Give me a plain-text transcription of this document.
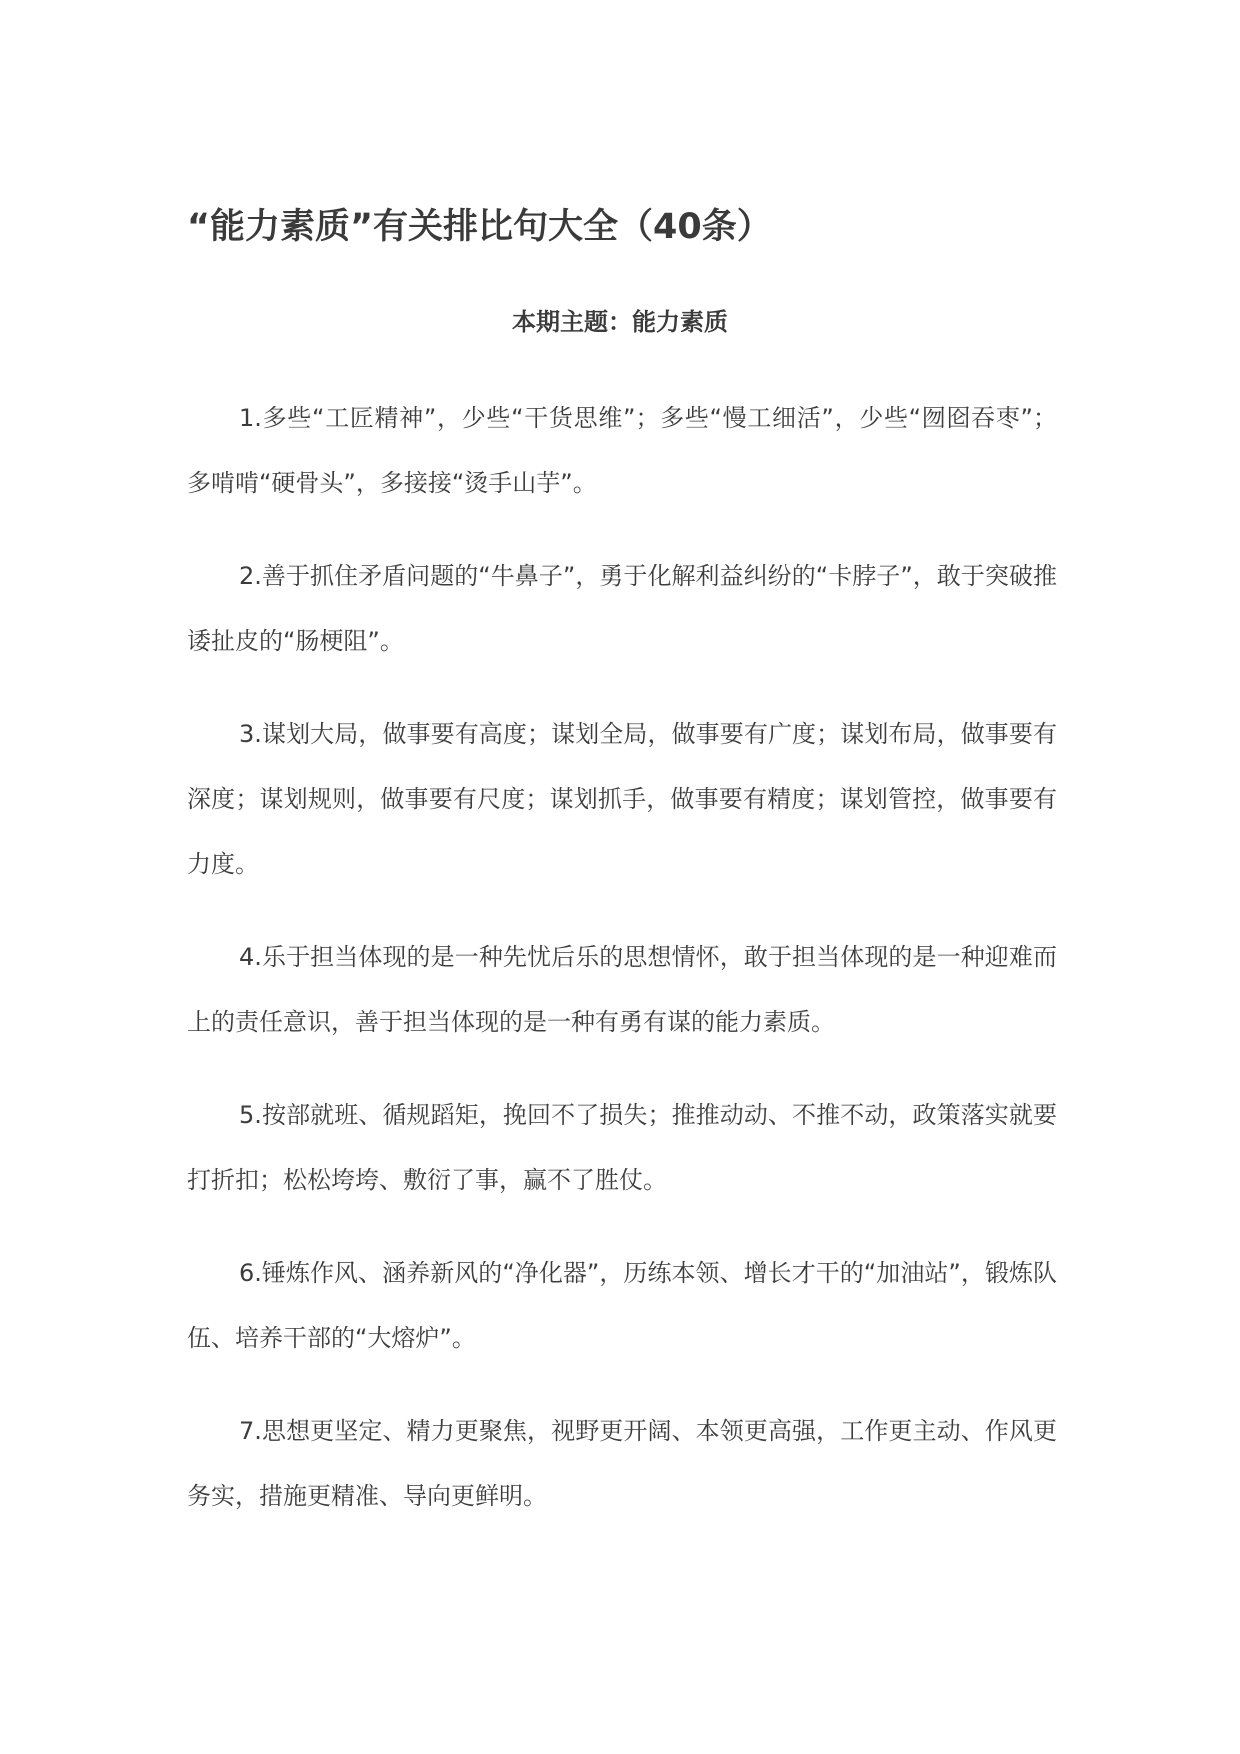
“能力素质”有关排比句大全（40条）
本期主题：能力素质

1.多些“工匠精神”，少些“干货思维”；多些“慢工细活”，少些“囫囵吞枣”；多啃啃“硬骨头”，多接接“烫手山芋”。

2.善于抓住矛盾问题的“牛鼻子”，勇于化解利益纠纷的“卡脖子”，敢于突破推诿扯皮的“肠梗阻”。

3.谋划大局，做事要有高度；谋划全局，做事要有广度；谋划布局，做事要有深度；谋划规则，做事要有尺度；谋划抓手，做事要有精度；谋划管控，做事要有力度。

4.乐于担当体现的是一种先忧后乐的思想情怀，敢于担当体现的是一种迎难而上的责任意识，善于担当体现的是一种有勇有谋的能力素质。

5.按部就班、循规蹈矩，挽回不了损失；推推动动、不推不动，政策落实就要打折扣；松松垮垮、敷衍了事，赢不了胜仗。

6.锤炼作风、涵养新风的“净化器”，历练本领、增长才干的“加油站”，锻炼队伍、培养干部的“大熔炉”。

7.思想更坚定、精力更聚焦，视野更开阔、本领更高强，工作更主动、作风更务实，措施更精准、导向更鲜明。
